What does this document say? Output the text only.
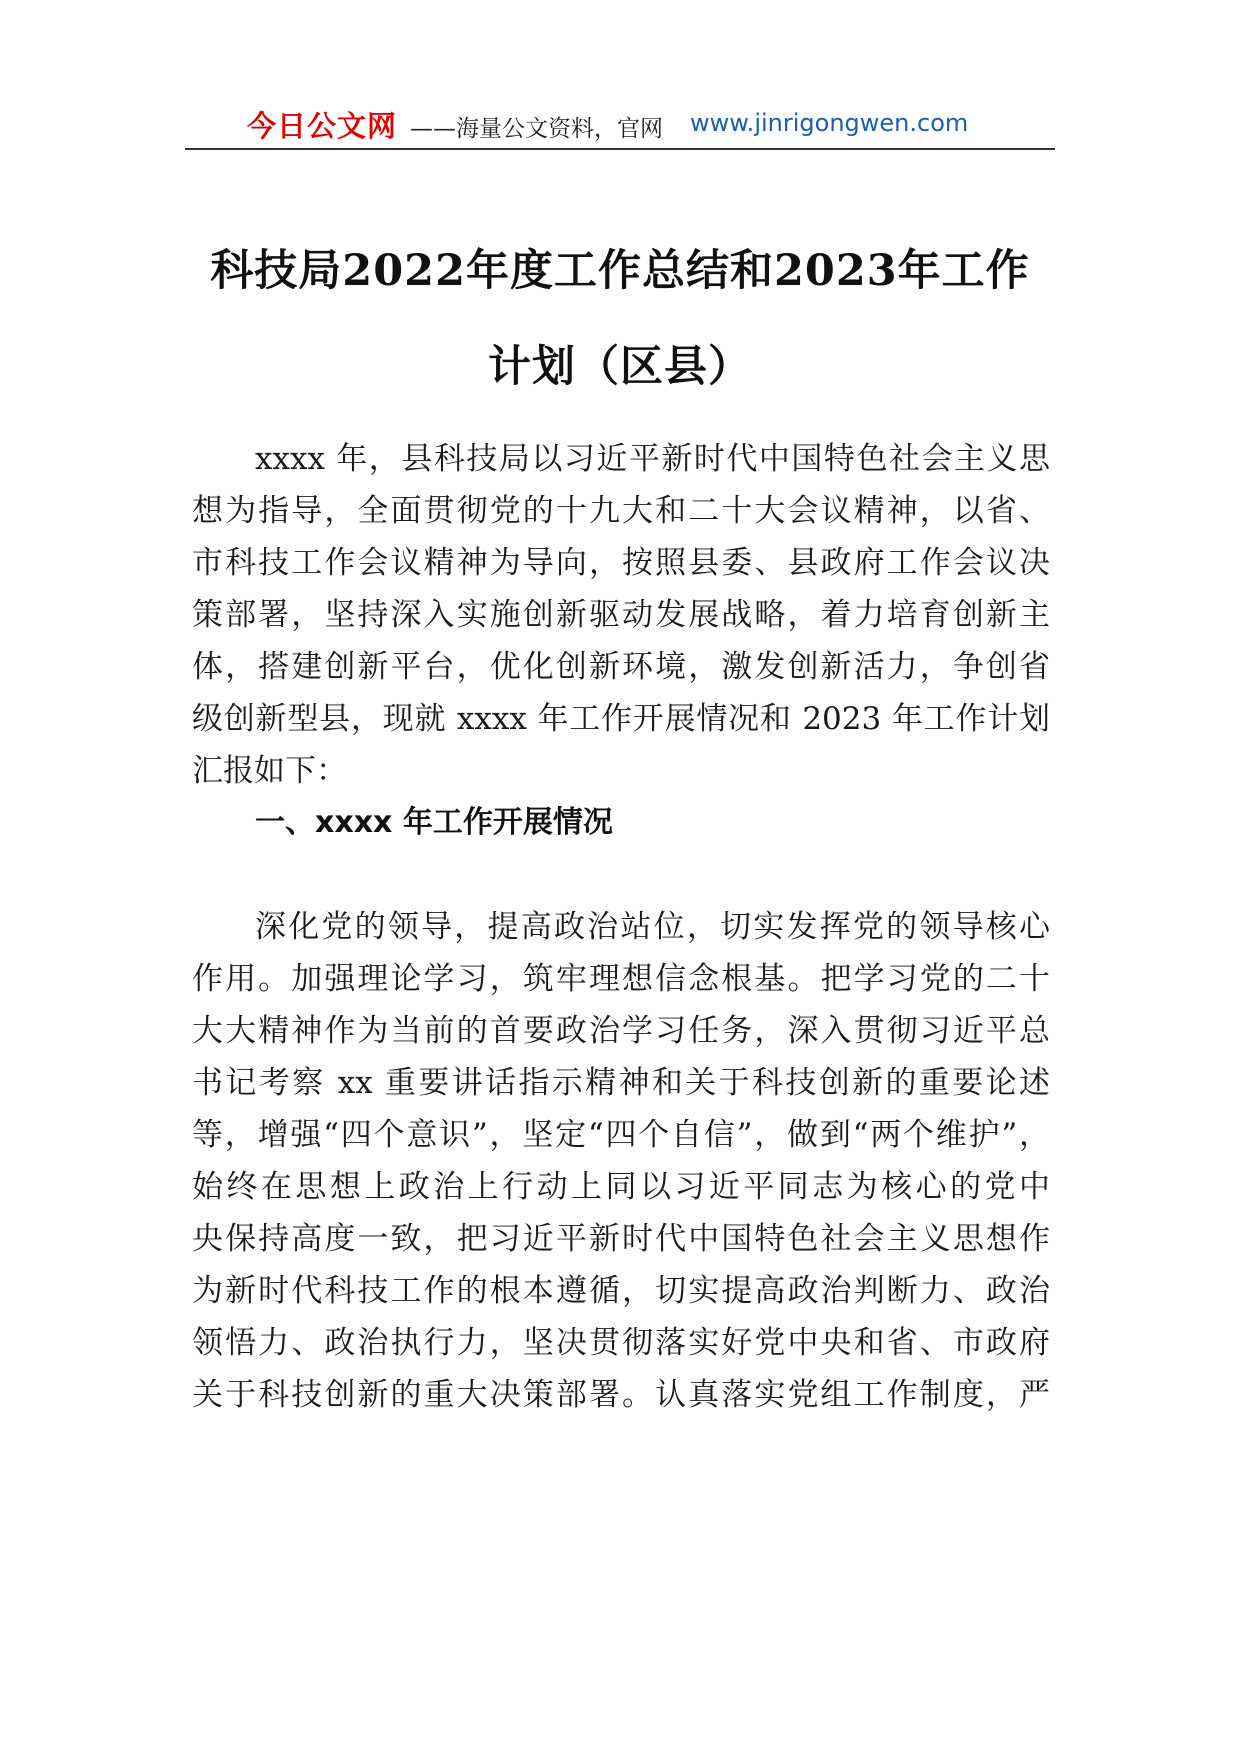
今日公文网 ——海量公文资料，官网 www.jinrigongwen.com
科技局2022年度工作总结和2023年工作
计划（区县）
xxxx 年，县科技局以习近平新时代中国特色社会主义思
想为指导，全面贯彻党的十九大和二十大会议精神，以省、
市科技工作会议精神为导向，按照县委、县政府工作会议决
策部署，坚持深入实施创新驱动发展战略，着力培育创新主
体，搭建创新平台，优化创新环境，激发创新活力，争创省
级创新型县，现就 xxxx 年工作开展情况和 2023 年工作计划
汇报如下：
一、xxxx 年工作开展情况
深化党的领导，提高政治站位，切实发挥党的领导核心
作用。加强理论学习，筑牢理想信念根基。把学习党的二十
大大精神作为当前的首要政治学习任务，深入贯彻习近平总
书记考察 xx 重要讲话指示精神和关于科技创新的重要论述
等，增强“四个意识”，坚定“四个自信”，做到“两个维护”，
始终在思想上政治上行动上同以习近平同志为核心的党中
央保持高度一致，把习近平新时代中国特色社会主义思想作
为新时代科技工作的根本遵循，切实提高政治判断力、政治
领悟力、政治执行力，坚决贯彻落实好党中央和省、市政府
关于科技创新的重大决策部署。认真落实党组工作制度，严
